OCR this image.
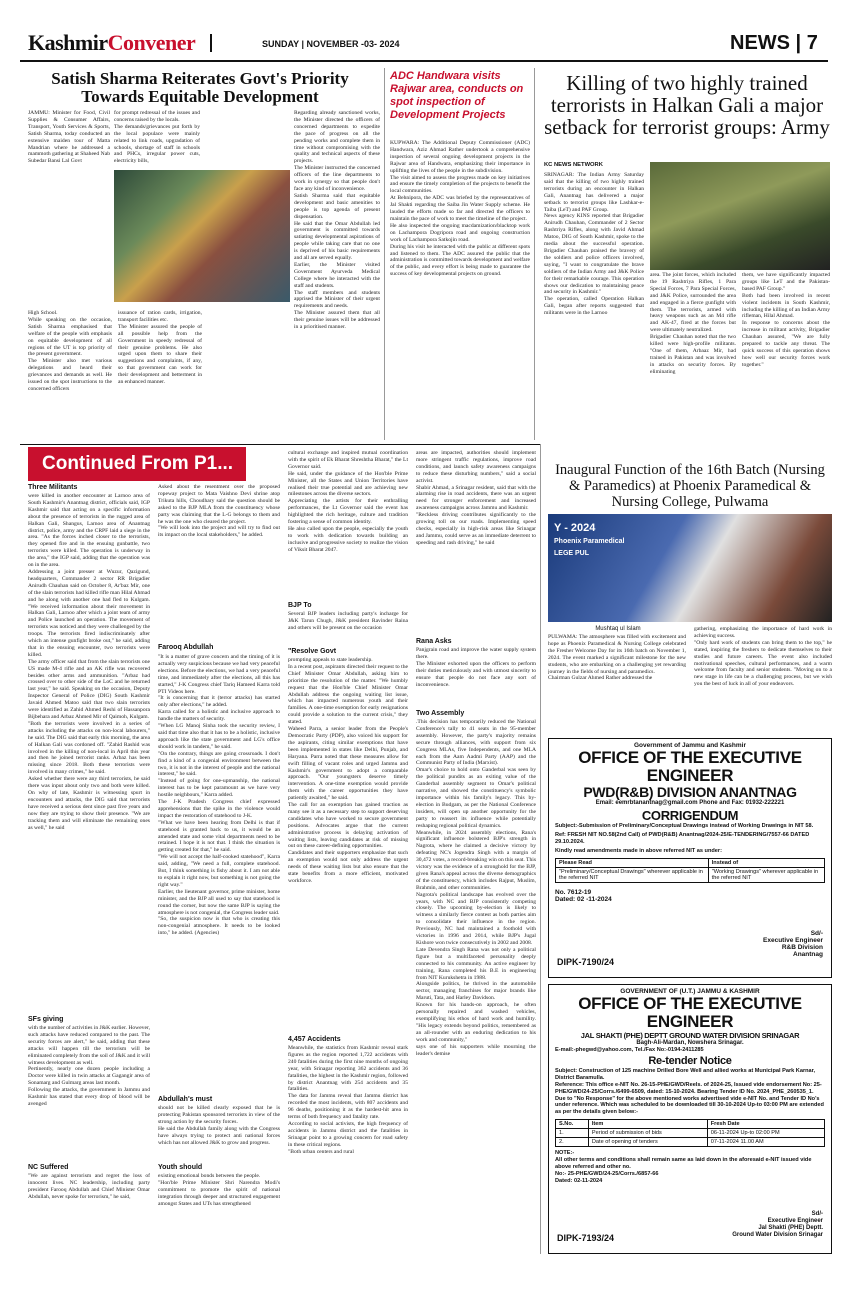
KashmirConvener	SUNDAY | NOVEMBER -03- 2024	NEWS | 7
Satish Sharma Reiterates Govt's Priority Towards Equitable Development
JAMMU: Minister for Food, Civil Supplies & Consumer Affairs, Transport, Youth Services & Sports, Satish Sharma, today conducted an extensive maiden tour of Matta Mandrian where he addressed a mammoth gathering at Shaheed Nab Subedar Bansi Lal Govt
for prompt redressal of the issues and concerns raised by the locals.
The demands/grievances put forth by the local populace were mainly related to link roads, upgradation of schools, shortage of staff in schools and PHCs, irregular power cuts, electricity bills,
High School.
While speaking on the occasion, Satish Sharma emphasised that welfare of the people with emphasis on equitable development of all regions of the UT is top priority of the present government.
The Minister also met various delegations and heard their grievances and demands as well. He issued on the spot instructions to the concerned officers
issuance of ration cards, irrigation, transport facilities etc.
The Minister assured the people of all possible help from the Government in speedy redressal of their genuine problems. He also urged upon them to share their suggestions and complaints, if any, so that government can work for their development and betterment in an enhanced manner.
Regarding already sanctioned works, the Minister directed the officers of concerned departments to expedite the pace of progress on all the pending works and complete them in time without compromising with the quality and technical aspects of these projects.
The Minister instructed the concerned officers of the line departments to work in synergy so that people don't face any kind of inconvenience.
Satish Sharma said that equitable development and basic amenities to people is top agenda of present dispensation.
He said that the Omar Abdullah led government is committed towards satiating developmental aspirations of people while taking care that no one is deprived of his basic requirements and all are served equally.
Earlier, the Minister visited Government Ayurveda Medical College where he interacted with the staff and students.
The staff members and students apprised the Minister of their urgent requirements and needs.
The Minister assured them that all their genuine issues will be addressed in a prioritised manner.
ADC Handwara visits Rajwar area, conducts on spot inspection of Development Projects
KUPWARA: The Additional Deputy Commissioner (ADC) Handwara, Aziz Ahmad Rather undertook a comprehensive inspection of several ongoing development projects in the Rajwar area of Handwara, emphasizing their importance in uplifting the lives of the people in the subdivision.
The visit aimed to assess the progress made on key initiatives and ensure the timely completion of the projects to benefit the local communities.
At Behnipora, the ADC was briefed by the representatives of Jal Shakti regarding the Saiba Jin Water Supply scheme. He lauded the efforts made so far and directed the officers to maintain the pace of work to meet the timeline of the project.
He also inspected the ongoing macdamization/blacktop work on Lachampora Dogripora road and ongoing construction work of Lachampora Satkojin road.
During his visit he interacted with the public at different spots and listened to them. The ADC assured the public that the administration is committed towards development and welfare of the public, and every effort is being made to guarantee the success of key developmental projects on ground.
Killing of two highly trained terrorists in Halkan Gali a major setback for terrorist groups: Army
KC NEWS NETWORK
SRINAGAR: The Indian Army Saturday said that the killing of two highly trained terrorists during an encounter in Halkan Gali, Anantnag has delivered a major setback to terrorist groups like Lashkar-e-Taiba (LeT) and PAF Group.
News agency KINS reported that Brigadier Anirudh Chauhan, Commander of 2 Sector Rashtriya Rifles, along with Javid Ahmad Matoo, DIG of South Kashmir, spoke to the media about the successful operation. Brigadier Chauhan praised the bravery of the soldiers and police officers involved, saying, "I want to congratulate the brave soldiers of the Indian Army and J&K Police for their remarkable courage. This operation shows our dedication to maintaining peace and security in Kashmir."
The operation, called Operation Halkan Gali, began after reports suggested that militants were in the Larnoo
area. The joint forces, which included the 19 Rashtriya Rifles, 1 Para Special Forces, 7 Para Special Forces, and J&K Police, surrounded the area and engaged in a fierce gunfight with them. The terrorists, armed with heavy weapons such as an M4 rifle and AK-47, fired at the forces but were ultimately neutralized.
Brigadier Chauhan noted that the two killed were high-profile militants. "One of them, Arbaaz Mir, had trained in Pakistan and was involved in attacks on security forces. By eliminating
them, we have significantly impacted groups like LeT and the Pakistan-based PAF Group."
Both had been involved in recent violent incidents in South Kashmir, including the killing of an Indian Army rifleman, Hilal Ahmad.
In response to concerns about the increase in militant activity, Brigadier Chauhan assured, "We are fully prepared to tackle any threat. The quick success of this operation shows how well our security forces work together."
Continued From P1...
Three Militants
were killed in another encounter at Larnoo area of South Kashmir's Anantnag district, officials said, IGP Kashmir said that acting on a specific information about the presence of terrorists in the rugged area of Halkan Gali, Shangus, Larnoo area of Anantnag district, police, army and the CRPF laid a siege in the area. "As the forces inched closer to the terrorists, they opened fire and in the ensuing gunbattle, two terrorists were killed. The operation is underway in the area," the IGP said, adding that the operation was on in the area.
Addressing a joint presser at Wuzur, Qazigund, headquarters, Commander 2 sector RR Brigadier Anirudh Chauhan said on October 8, Ar'baz Mir, one of the slain terrorists had killed rifle man Hilal Ahmad and he along with another one had fled to Kulgam. "We received information about their movement in Halkan Gali, Larnoo after which a joint team of army and Police launched an operation. The movement of terrorists was noticed and they were challenged by the troops. The terrorists fired indiscriminately after which an intense gunfight broke out," he said, adding that in the ensuing encounter, two terrorists were killed.
The army officer said that from the slain terrorists one US made M-4 rifle and an AK rifle was recovered besides other arms and ammunition. "Arbaz had crossed over to other side of the LoC and he returned last year," he said. Speaking on the occasion, Deputy Inspector General of Police (DIG) South Kashmir Javaid Ahmed Matoo said that two slain terrorists were identified as Zahid Ahmed Reshi of Hassanpora Bijbehara and Arbaz Ahmed Mir of Qaimoh, Kulgam.
"Both the terrorists were involved in a series of attacks including the attacks on non-local labourers," he said. The DIG said that early this morning, the area of Halkan Gali was cordoned off. "Zahid Rashid was involved in the killing of non-local in April this year and then he joined terrorist ranks. Arbaz has been missing since 2018. Both these terrorists were involved in many crimes," he said.
Asked whether there were any third terrorists, he said there was input about only two and both were killed. On why of late, Kashmir is witnessing spurt in encounters and attacks, the DIG said that terrorists have received a serious dent since past five years and now they are trying to show their presence. "We are tracking them and will eliminate the remaining ones as well," he said
SFs giving
with the number of activities in J&K earlier. However, such attacks have reduced compared to the past. The security forces are alert," he said, adding that these attacks will happen till the terrorism will be eliminated completely from the soil of J&K and it will witness development as well.
Pertinently, nearly one dozen people including a Doctor were killed in twin attacks at Gagangir area of Sonamarg and Gulmarg areas last month.
Following the attacks, the government in Jammu and Kashmir has stated that every drop of blood will be avenged
NC Suffered
"We are against terrorism and regret the loss of innocent lives. NC leadership, including party president Farooq Abdullah and Chief Minister Omar Abdullah, never spoke for terrorism," he said,
Asked about the resentment over the proposed ropeway project to Mata Vaishno Devi shrine atop Trikuta hills, Choudhary said the question should be asked to the BJP MLA from the constituency whose party was claiming that the L-G belongs to them and he was the one who cleared the project.
"We will look into the project and will try to find out its impact on the local stakeholders," he added.
Farooq Abdullah
"It is a matter of grave concern and the timing of it is actually very suspicious because we had very peaceful elections. Before the elections, we had a very peaceful time, and immediately after the elections, all this has started," J-K Congress chief Tariq Hameed Karra told PTI Videos here.
"It is concerning that it (terror attacks) has started only after elections," he added.
Karra called for a holistic and inclusive approach to handle the matters of security.
"When LG Manoj Sinha took the security review, I said that time also that it has to be a holistic, inclusive approach like the state government and LG's office should work in tandem," he said.
"On the contrary, things are going crossroads. I don't find a kind of a congenial environment between the two, it is not in the interest of people and the national interest," he said.
"Instead of going for one-upmanship, the national interest has to be kept paramount as we have very hostile neighbours," Karra added.
The J-K Pradesh Congress chief expressed apprehensions that the spike in the violence would impact the restoration of statehood to J-K.
"What we have been hearing from Delhi is that if statehood is granted back to us, it would be an amended state and some vital departments need to be retained. I hope it is not that. I think the situation is getting created for that," he said.
"We will not accept the half-cooked statehood", Karra said, adding, "We need a full, complete statehood. But, I think something is fishy about it. I am not able to explain it right now, but something is not going the right way."
Earlier, the lieutenant governor, prime minister, home minister, and the BJP all used to say that statehood is round the corner, but now the same BJP is saying the atmosphere is not congenial, the Congress leader said.
"So, the suspicion now is that who is creating this non-congenial atmosphere. It needs to be looked into," he added. (Agencies)
Abdullah's must
should not be killed clearly exposed that he is protecting Pakistan sponsored terrorists in view of the strong action by the security forces.
He said the Abdullah family along with the Congress have always trying to protect anti national forces which has not allowed J&K to grow and progress.
Youth should
existing emotional bonds between the people.
"Hon'ble Prime Minister Shri Narendra Modi's commitment to promote the spirit of national integration through deeper and structured engagement amongst States and UTs has strengthened
cultural exchange and inspired mutual coordination with the spirit of Ek Bharat Shreshtha Bharat," the Lt Governor said.
He said, under the guidance of the Hon'ble Prime Minister, all the States and Union Territories have realised their true potential and are achieving new milestones across the diverse sectors.
Appreciating the artists for their enthralling performances, the Lt Governor said the event has highlighted the rich heritage, culture and tradition fostering a sense of common identity.
He also called upon the people, especially the youth to work with dedication towards building an inclusive and progressive society to realize the vision of Viksit Bharat 2047.
BJP To
Several BJP leaders including party's incharge for J&K Tarun Chugh, J&K president Ravinder Raina and others will be present on the occasion
"Resolve Govt
prompting appeals to state leadership.
In a recent post, aspirants directed their request to the Chief Minister Omar Abdullah, asking him to prioritize the resolution of the matter. "We humbly request that the Hon'ble Chief Minister Omar Abdullah address the ongoing waiting list issue, which has impacted numerous youth and their families. A one-time exemption for early resignations could provide a solution to the current crisis," they stated.
Waheed Parra, a senior leader from the People's Democratic Party (PDP), also voiced his support for the aspirants, citing similar exemptions that have been implemented in states like Delhi, Punjab, and Haryana. Parra noted that these measures allow for swift filling of vacant roles and urged Jammu and Kashmir's government to adopt a comparable approach. "Our youngsters deserve timely intervention. A one-time exemption would provide them with the career opportunities they have patiently awaited," he said.
The call for an exemption has gained traction as many see it as a necessary step to support deserving candidates who have worked to secure government positions. Advocates argue that the current administrative process is delaying activation of waiting lists, leaving candidates at risk of missing out on these career-defining opportunities.
Candidates and their supporters emphasize that such an exemption would not only address the urgent needs of these waiting lists but also ensure that the state benefits from a more efficient, motivated workforce.
4,457 Accidents
Meanwhile, the statistics from Kashmir reveal stark figures as the region reported 1,722 accidents with 240 fatalities during the first nine months of ongoing year, with Srinagar reporting 362 accidents and 36 fatalities, the highest in the Kashmir region, followed by district Anantnag with 254 accidents and 35 fatalities.
The data for Jammu reveal that Jammu district has recorded the most incidents, with 807 accidents and 96 deaths, positioning it as the hardest-hit area in terms of both frequency and fatality rate.
According to social activists, the high frequency of accidents in Jammu district and the fatalities in Srinagar point to a growing concern for road safety in these critical regions.
"Both urban centers and rural
areas are impacted, authorities should implement more stringent traffic regulations, improve road conditions, and launch safety awareness campaigns to reduce these disturbing numbers," said a social activist.
Shabir Ahmad, a Srinagar resident, said that with the alarming rise in road accidents, there was an urgent need for stronger enforcement and increased awareness campaigns across Jammu and Kashmir.
"Reckless driving contributes significantly to the growing toll on our roads. Implementing speed checks, especially in high-risk areas like Srinagar and Jammu, could serve as an immediate deterrent to speeding and rash driving," he said
Rana Asks
Panjgrain road and improve the water supply system there.
The Minister exhorted upon the officers to perform their duties meticulously and with utmost sincerity to ensure that people do not face any sort of inconvenience.
Two Assembly
.This decision has temporarily reduced the National Conference's tally to 41 seats in the 95-member assembly. However, the party's majority remains secure through alliances, with support from six Congress MLAs, five Independents, and one MLA each from the Aam Aadmi Party (AAP) and the Communist Party of India (Marxist).
Omar's choice to hold onto Ganderbal was seen by the political pundits as an exiting value of the Ganderbal assembly segment to Omar's political narrative, and showed the constituency's symbolic importance within his family's legacy. This by-election in Budgam, as per the National Conference insiders, will open up another opportunity for the party to reassert its influence while potentially reshaping regional political dynamics.
Meanwhile, in 2024 assembly elections, Rana's significant influence bolstered BJP's strength in Nagrota, where he claimed a decisive victory by defeating NC's Jogendra Singh with a margin of 30,472 votes, a record-breaking win on this seat. This victory was the evidence of a stronghold for the BJP, given Rana's appeal across the diverse demographics of the constituency, which includes Rajput, Muslim, Brahmin, and other communities.
Nagrota's political landscape has evolved over the years, with NC and BJP consistently competing closely. The upcoming by-election is likely to witness a similarly fierce contest as both parties aim to consolidate their influence in the region. Previously, NC had maintained a foothold with victories in 1996 and 2014, while BJP's Jugal Kishore won twice consecutively in 2002 and 2008.
Late Devendra Singh Rana was not only a political figure but a multifaceted personality deeply connected to his community. An active engineer by training, Rana completed his B.E in engineering from NIT Kurukshetra in 1988.
Alongside politics, he thrived in the automobile sector, managing franchises for major brands like Maruti, Tata, and Harley Davidson.
Known for his hands-on approach, he often personally repaired and washed vehicles, exemplifying his ethos of hard work and humility. "His legacy extends beyond politics, remembered as an all-rounder with an enduring dedication to his work and community,"
says one of his supporters while mourning the leader's demise
Inaugural Function of the 16th Batch (Nursing & Paramedics) at Phoenix Paramedical & Nursing College, Pulwama
Y - 2024
Phoenix Paramedical
LEGE PUL
Mushtaq ul Islam
PULWAMA: The atmosphere was filled with excitement and hope as Phoenix Paramedical & Nursing College celebrated the Fresher Welcome Day for its 16th batch on November 1, 2024. The event marked a significant milestone for the new students, who are embarking on a challenging yet rewarding journey in the fields of nursing and paramedics.
Chairman Gulzar Ahmed Rather addressed the
gathering, emphasizing the importance of hard work in achieving success.
"Only hard work of students can bring them to the top," he stated, inspiring the freshers to dedicate themselves to their studies and future careers. The event also included motivational speeches, cultural performances, and a warm welcome from faculty and senior students. "Moving on to a new stage in life can be a challenging process, but we wish you the best of luck in all of your endeavors.
Government of Jammu and Kashmir
OFFICE OF THE EXECUTIVE ENGINEER
PWD(R&B) DIVISION ANANTNAG
Email: eemrbtanantnag@gmail.com Phone and Fax: 01932-222221
CORRIGENDUM
Subject:-Submission of Preliminary/Conceptual Drawings instead of Working Drawings in NIT 58.
Ref: FRESH NIT NO.58(2nd Call) of PWD(R&B) Anantnag/2024-25/E-TENDERING/7557-66 DATED 29.10.2024.
Kindly read amendments made in above referred NIT as under:
Please Read	Instead of
"Preliminary/Conceptual Drawings" wherever applicable in the referred NIT	"Working Drawings" wherever applicable in the referred NIT
No. 7612-19
Dated: 02 -11-2024
Sd/-
Executive Engineer
R&B Division
Anantnag
DIPK-7190/24
GOVERNMENT OF (U.T.) JAMMU & KASHMIR
OFFICE OF THE EXECUTIVE ENGINEER
JAL SHAKTI (PHE) DEPTT GROUND WATER DIVISION SRINAGAR
Bagh-Ali-Mardan, Nowshera Srinagar.
E-mail:-phegwd@yahoo.com, Tel./Fax No:-0194-2411285
Re-tender Notice
Subject: Construction of 125 machine Drilled Bore Well and allied works at Municipal Park Karnar, District Baramulla.
Reference: This office e-NIT No. 26-15-PHE/GWD/Reels. of 2024-25, Issued vide endorsement No: 25-PHE/GWD/24-25/Corrs./6499-6509, dated: 15-10-2024. Bearing Tender ID No. 2024_PHE_260535_1.
Due to "No Response" for the above mentioned works advertised vide e-NIT No. and Tender ID No's under reference. Which was scheduled to be downloaded till 30-10-2024 Up-to 03:00 PM are extended as per the details given below:-
S.No.	Item	Fresh Date
1.	Period of submission of bids	06-11-2024 Up-to 02:00 PM
2.	Date of opening of tenders	07-11-2024 11.00 AM
NOTE:-
All other terms and conditions shall remain same as laid down in the aforesaid e-NIT issued vide above referred and other no.
No:- 25-PHE/GWD/24-25/Corrs./6857-66
Dated: 02-11-2024
Sd/-
Executive Engineer
Jal Shakti (PHE) Deptt.
Ground Water Division Srinagar
DIPK-7193/24
